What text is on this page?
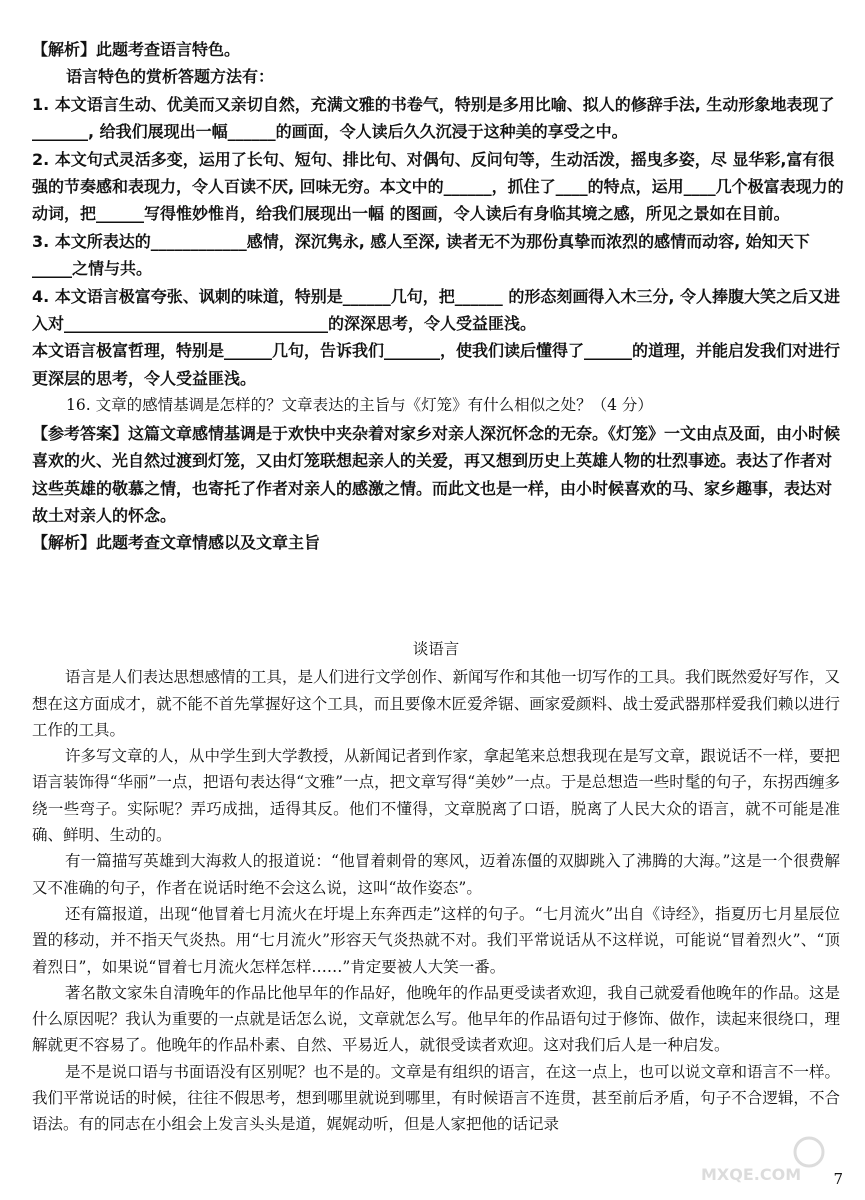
【解析】此题考查语言特色。

语言特色的赏析答题方法有：

1. 本文语言生动、优美而又亲切自然，充满文雅的书卷气，特别是多用比喻、拟人的修辞手法, 生动形象地表现了_______, 给我们展现出一幅______的画面，令人读后久久沉浸于这种美的享受之中。

2. 本文句式灵活多变，运用了长句、短句、排比句、对偶句、反问句等，生动活泼，摇曳多姿，尽 显华彩,富有很强的节奏感和表现力，令人百读不厌, 回味无穷。本文中的______，抓住了____的特点，运用____几个极富表现力的动词，把______写得惟妙惟肖，给我们展现出一幅 的图画，令人读后有身临其境之感，所见之景如在目前。

3. 本文所表达的____________感情，深沉隽永, 感人至深, 读者无不为那份真挚而浓烈的感情而动容, 始知天下_____之情与共。

4. 本文语言极富夸张、讽刺的味道，特别是______几句，把______ 的形态刻画得入木三分, 令人捧腹大笑之后又进入对_________________________________的深深思考，令人受益匪浅。

本文语言极富哲理，特别是______几句，告诉我们_______，使我们读后懂得了______的道理，并能启发我们对进行更深层的思考，令人受益匪浅。

16. 文章的感情基调是怎样的？文章表达的主旨与《灯笼》有什么相似之处？（4 分）

【参考答案】这篇文章感情基调是于欢快中夹杂着对家乡对亲人深沉怀念的无奈。《灯笼》一文由点及面，由小时候喜欢的火、光自然过渡到灯笼，又由灯笼联想起亲人的关爱，再又想到历史上英雄人物的壮烈事迹。表达了作者对这些英雄的敬慕之情，也寄托了作者对亲人的感激之情。而此文也是一样，由小时候喜欢的马、家乡趣事，表达对故土对亲人的怀念。

【解析】此题考查文章情感以及文章主旨

谈语言

语言是人们表达思想感情的工具，是人们进行文学创作、新闻写作和其他一切写作的工具。我们既然爱好写作，又想在这方面成才，就不能不首先掌握好这个工具，而且要像木匠爱斧锯、画家爱颜料、战士爱武器那样爱我们赖以进行工作的工具。

许多写文章的人，从中学生到大学教授，从新闻记者到作家，拿起笔来总想我现在是写文章，跟说话不一样，要把语言装饰得“华丽”一点，把语句表达得“文雅”一点，把文章写得“美妙”一点。于是总想造一些时髦的句子，东拐西缠多绕一些弯子。实际呢？弄巧成拙，适得其反。他们不懂得，文章脱离了口语，脱离了人民大众的语言，就不可能是准确、鲜明、生动的。

有一篇描写英雄到大海救人的报道说：“他冒着刺骨的寒风，迈着冻僵的双脚跳入了沸腾的大海。”这是一个很费解又不准确的句子，作者在说话时绝不会这么说，这叫“故作姿态”。

还有篇报道，出现“他冒着七月流火在圩堤上东奔西走”这样的句子。“七月流火”出自《诗经》，指夏历七月星辰位置的移动，并不指天气炎热。用“七月流火”形容天气炎热就不对。我们平常说话从不这样说，可能说“冒着烈火”、“顶着烈日”，如果说“冒着七月流火怎样怎样……”肯定要被人大笑一番。

著名散文家朱自清晚年的作品比他早年的作品好，他晚年的作品更受读者欢迎，我自己就爱看他晚年的作品。这是什么原因呢？我认为重要的一点就是话怎么说，文章就怎么写。他早年的作品语句过于修饰、做作，读起来很绕口，理解就更不容易了。他晚年的作品朴素、自然、平易近人，就很受读者欢迎。这对我们后人是一种启发。

是不是说口语与书面语没有区别呢？也不是的。文章是有组织的语言，在这一点上，也可以说文章和语言不一样。我们平常说话的时候，往往不假思考，想到哪里就说到哪里，有时候语言不连贯，甚至前后矛盾，句子不合逻辑，不合语法。有的同志在小组会上发言头头是道，娓娓动听，但是人家把他的话记录

MXQE.COM 7
